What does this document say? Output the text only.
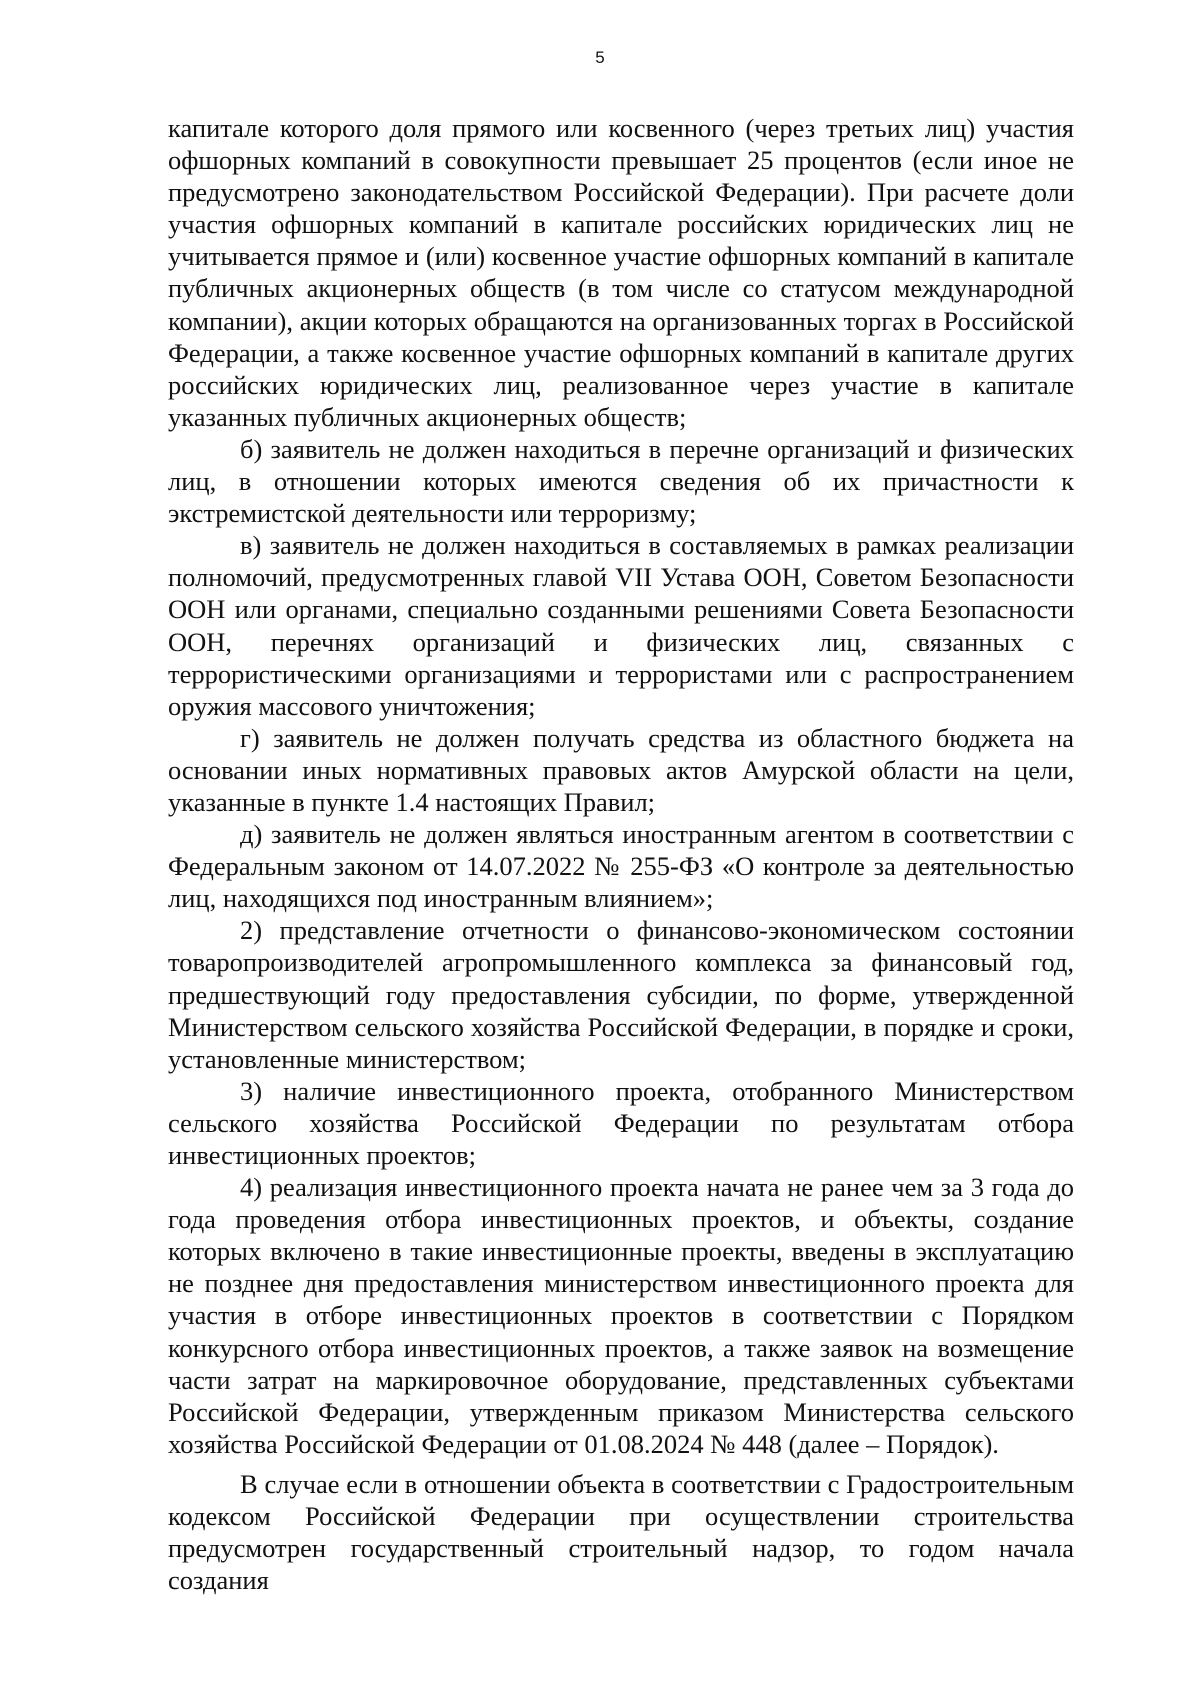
5

капитале которого доля прямого или косвенного (через третьих лиц) участия офшорных компаний в совокупности превышает 25 процентов (если иное не предусмотрено законодательством Российской Федерации). При расчете доли участия офшорных компаний в капитале российских юридических лиц не учитывается прямое и (или) косвенное участие офшорных компаний в капитале публичных акционерных обществ (в том числе со статусом международной компании), акции которых обращаются на организованных торгах в Российской Федерации, а также косвенное участие офшорных компаний в капитале других российских юридических лиц, реализованное через участие в капитале указанных публичных акционерных обществ;

б) заявитель не должен находиться в перечне организаций и физических лиц, в отношении которых имеются сведения об их причастности к экстремистской деятельности или терроризму;

в) заявитель не должен находиться в составляемых в рамках реализации полномочий, предусмотренных главой VII Устава ООН, Советом Безопасности ООН или органами, специально созданными решениями Совета Безопасности ООН, перечнях организаций и физических лиц, связанных с террористическими организациями и террористами или с распространением оружия массового уничтожения;

г) заявитель не должен получать средства из областного бюджета на основании иных нормативных правовых актов Амурской области на цели, указанные в пункте 1.4 настоящих Правил;

д) заявитель не должен являться иностранным агентом в соответствии с Федеральным законом от 14.07.2022 № 255-ФЗ «О контроле за деятельностью лиц, находящихся под иностранным влиянием»;

2) представление отчетности о финансово-экономическом состоянии товаропроизводителей агропромышленного комплекса за финансовый год, предшествующий году предоставления субсидии, по форме, утвержденной Министерством сельского хозяйства Российской Федерации, в порядке и сроки, установленные министерством;

3) наличие инвестиционного проекта, отобранного Министерством сельского хозяйства Российской Федерации по результатам отбора инвестиционных проектов;

4) реализация инвестиционного проекта начата не ранее чем за 3 года до года проведения отбора инвестиционных проектов, и объекты, создание которых включено в такие инвестиционные проекты, введены в эксплуатацию не позднее дня предоставления министерством инвестиционного проекта для участия в отборе инвестиционных проектов в соответствии с Порядком конкурсного отбора инвестиционных проектов, а также заявок на возмещение части затрат на маркировочное оборудование, представленных субъектами Российской Федерации, утвержденным приказом Министерства сельского хозяйства Российской Федерации от 01.08.2024 № 448 (далее – Порядок).

В случае если в отношении объекта в соответствии с Градостроительным кодексом Российской Федерации при осуществлении строительства предусмотрен государственный строительный надзор, то годом начала создания
